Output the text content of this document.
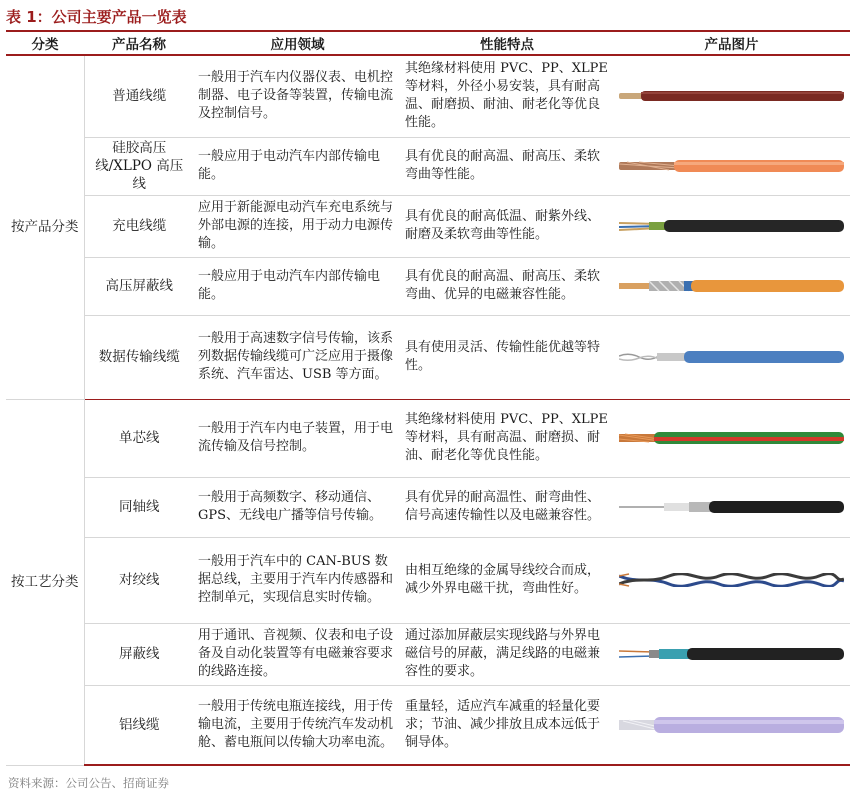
表 1：公司主要产品一览表
分类	产品名称	应用领域	性能特点	产品图片
按产品分类	普通线缆	一般用于汽车内仪器仪表、电机控制器、电子设备等装置，传输电流及控制信号。	其绝缘材料使用 PVC、PP、XLPE 等材料，外径小易安装，具有耐高温、耐磨损、耐油、耐老化等优良性能。	

	硅胶高压线/XLPO 高压线	一般应用于电动汽车内部传输电能。	具有优良的耐高温、耐高压、柔软弯曲等性能。	

	充电线缆	应用于新能源电动汽车充电系统与外部电源的连接，用于动力电源传输。	具有优良的耐高低温、耐紫外线、耐磨及柔软弯曲等性能。	

	高压屏蔽线	一般应用于电动汽车内部传输电能。	具有优良的耐高温、耐高压、柔软弯曲、优异的电磁兼容性能。	

	数据传输线缆	一般用于高速数字信号传输，该系列数据传输线缆可广泛应用于摄像系统、汽车雷达、USB 等方面。	具有使用灵活、传输性能优越等特性。	

按工艺分类	单芯线	一般用于汽车内电子装置，用于电流传输及信号控制。	其绝缘材料使用 PVC、PP、XLPE 等材料，具有耐高温、耐磨损、耐油、耐老化等优良性能。	

	同轴线	一般用于高频数字、移动通信、GPS、无线电广播等信号传输。	具有优异的耐高温性、耐弯曲性、信号高速传输性以及电磁兼容性。	

	对绞线	一般用于汽车中的 CAN-BUS 数据总线，主要用于汽车内传感器和控制单元，实现信息实时传输。	由相互绝缘的金属导线绞合而成，减少外界电磁干扰，弯曲性好。	

	屏蔽线	用于通讯、音视频、仪表和电子设备及自动化装置等有电磁兼容要求的线路连接。	通过添加屏蔽层实现线路与外界电磁信号的屏蔽，满足线路的电磁兼容性的要求。	

	铝线缆	一般用于传统电瓶连接线，用于传输电流，主要用于传统汽车发动机舱、蓄电瓶间以传输大功率电流。	重量轻，适应汽车减重的轻量化要求；节油、减少排放且成本远低于铜导体。	
资料来源：公司公告、招商证券
